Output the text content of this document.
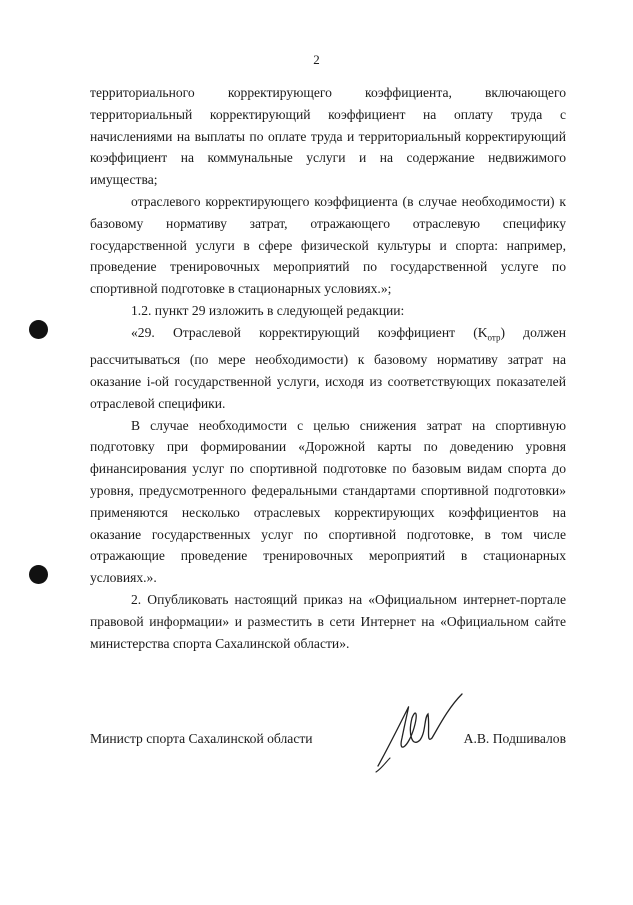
2

территориального корректирующего коэффициента, включающего территориальный корректирующий коэффициент на оплату труда с начислениями на выплаты по оплате труда и территориальный корректирующий коэффициент на коммунальные услуги и на содержание недвижимого имущества;

отраслевого корректирующего коэффициента (в случае необходимости) к базовому нормативу затрат, отражающего отраслевую специфику государственной услуги в сфере физической культуры и спорта: например, проведение тренировочных мероприятий по государственной услуге по спортивной подготовке в стационарных условиях.»;

1.2. пункт 29 изложить в следующей редакции:

«29. Отраслевой корректирующий коэффициент $(K_{отр})$ должен рассчитываться (по мере необходимости) к базовому нормативу затрат на оказание i-ой государственной услуги, исходя из соответствующих показателей отраслевой специфики.

В случае необходимости с целью снижения затрат на спортивную подготовку при формировании «Дорожной карты по доведению уровня финансирования услуг по спортивной подготовке по базовым видам спорта до уровня, предусмотренного федеральными стандартами спортивной подготовки» применяются несколько отраслевых корректирующих коэффициентов на оказание государственных услуг по спортивной подготовке, в том числе отражающие проведение тренировочных мероприятий в стационарных условиях.».

2. Опубликовать настоящий приказ на «Официальном интернет-портале правовой информации» и разместить в сети Интернет на «Официальном сайте министерства спорта Сахалинской области».

Министр спорта Сахалинской области	А.В. Подшивалов
